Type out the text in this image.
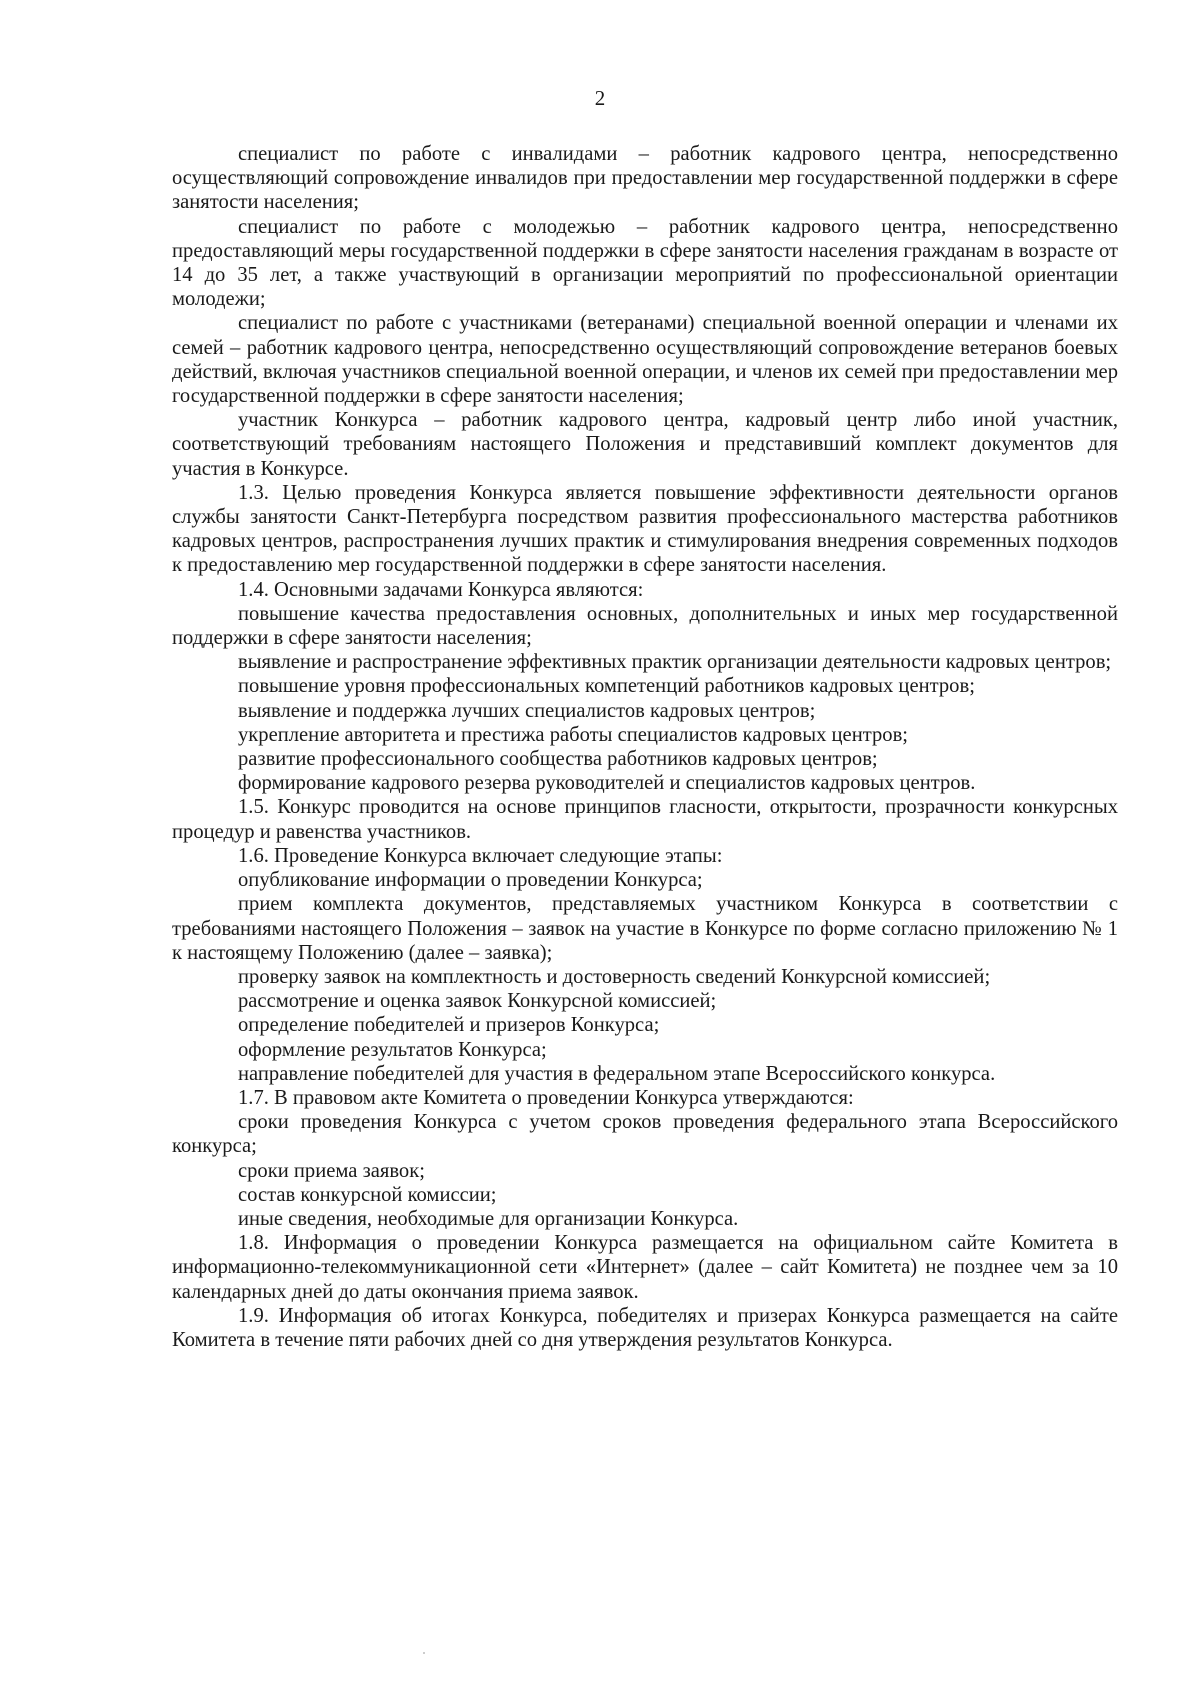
2

специалист по работе с инвалидами – работник кадрового центра, непосредственно осуществляющий сопровождение инвалидов при предоставлении мер государственной поддержки в сфере занятости населения;

специалист по работе с молодежью – работник кадрового центра, непосредственно предоставляющий меры государственной поддержки в сфере занятости населения гражданам в возрасте от 14 до 35 лет, а также участвующий в организации мероприятий по профессиональной ориентации молодежи;

специалист по работе с участниками (ветеранами) специальной военной операции и членами их семей – работник кадрового центра, непосредственно осуществляющий сопровождение ветеранов боевых действий, включая участников специальной военной операции, и членов их семей при предоставлении мер государственной поддержки в сфере занятости населения;

участник Конкурса – работник кадрового центра, кадровый центр либо иной участник, соответствующий требованиям настоящего Положения и представивший комплект документов для участия в Конкурсе.

1.3. Целью проведения Конкурса является повышение эффективности деятельности органов службы занятости Санкт-Петербурга посредством развития профессионального мастерства работников кадровых центров, распространения лучших практик и стимулирования внедрения современных подходов к предоставлению мер государственной поддержки в сфере занятости населения.

1.4. Основными задачами Конкурса являются:

повышение качества предоставления основных, дополнительных и иных мер государственной поддержки в сфере занятости населения;

выявление и распространение эффективных практик организации деятельности кадровых центров;

повышение уровня профессиональных компетенций работников кадровых центров;

выявление и поддержка лучших специалистов кадровых центров;

укрепление авторитета и престижа работы специалистов кадровых центров;

развитие профессионального сообщества работников кадровых центров;

формирование кадрового резерва руководителей и специалистов кадровых центров.

1.5. Конкурс проводится на основе принципов гласности, открытости, прозрачности конкурсных процедур и равенства участников.

1.6. Проведение Конкурса включает следующие этапы:

опубликование информации о проведении Конкурса;

прием комплекта документов, представляемых участником Конкурса в соответствии с требованиями настоящего Положения – заявок на участие в Конкурсе по форме согласно приложению № 1 к настоящему Положению (далее – заявка);

проверку заявок на комплектность и достоверность сведений Конкурсной комиссией;

рассмотрение и оценка заявок Конкурсной комиссией;

определение победителей и призеров Конкурса;

оформление результатов Конкурса;

направление победителей для участия в федеральном этапе Всероссийского конкурса.

1.7. В правовом акте Комитета о проведении Конкурса утверждаются:

сроки проведения Конкурса с учетом сроков проведения федерального этапа Всероссийского конкурса;

сроки приема заявок;

состав конкурсной комиссии;

иные сведения, необходимые для организации Конкурса.

1.8. Информация о проведении Конкурса размещается на официальном сайте Комитета в информационно-телекоммуникационной сети «Интернет» (далее – сайт Комитета) не позднее чем за 10 календарных дней до даты окончания приема заявок.

1.9. Информация об итогах Конкурса, победителях и призерах Конкурса размещается на сайте Комитета в течение пяти рабочих дней со дня утверждения результатов Конкурса.
